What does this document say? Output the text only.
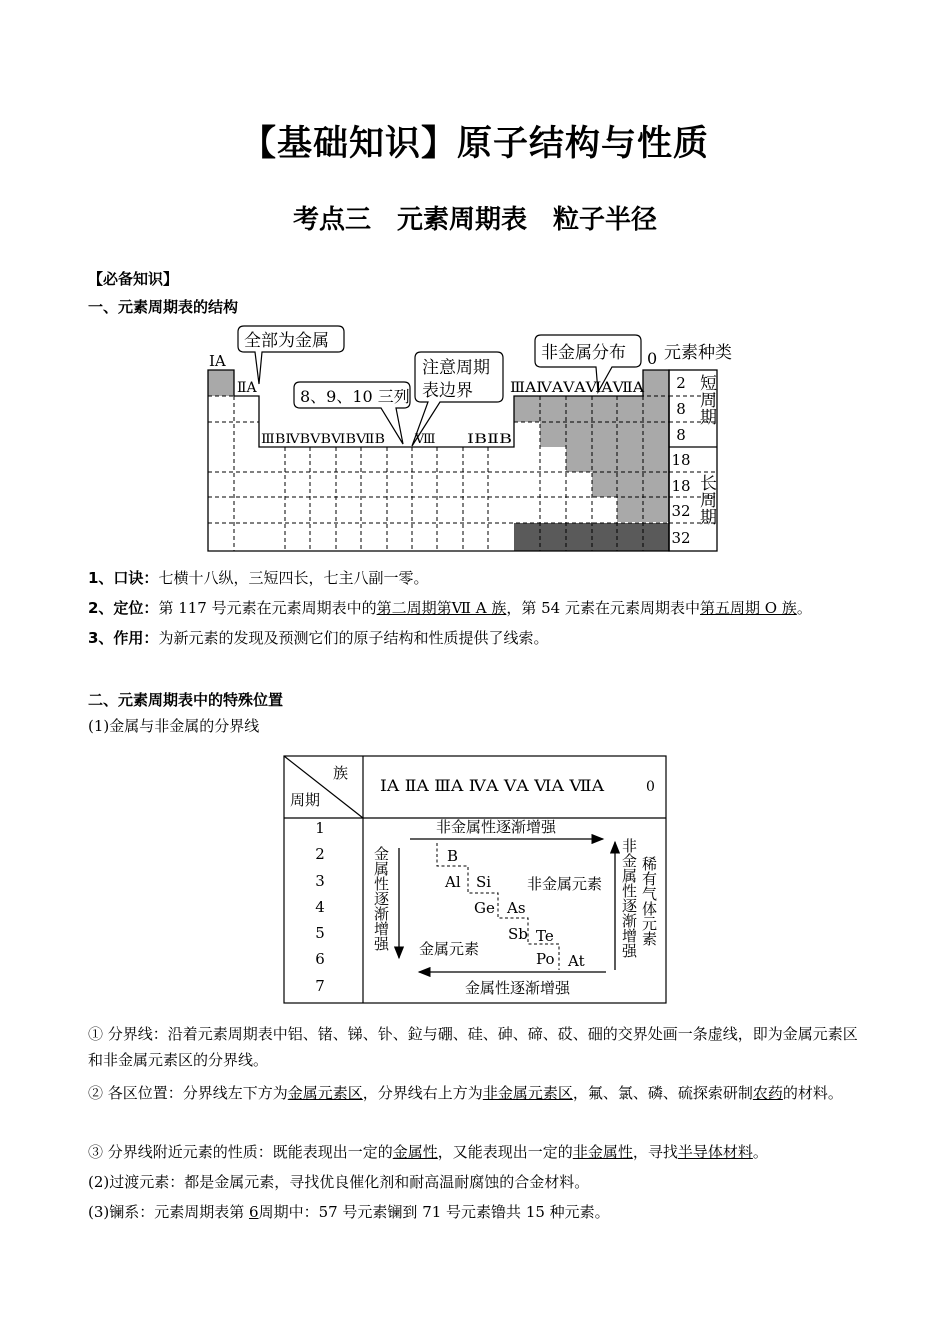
【基础知识】原子结构与性质
考点三　元素周期表　粒子半径
【必备知识】
一、元素周期表的结构
全部为金属
8、9、10 三列
注意周期
表边界
非金属分布
ⅠA
ⅡA
0 元素种类
ⅢBⅣBⅤBⅥBⅦB Ⅷ ⅠBⅡB
ⅢAⅣAⅤAⅥAⅦA 2
8
8
18
18
32
32
短周期
长周期
1、口诀：七横十八纵，三短四长，七主八副一零。
2、定位：第 117 号元素在元素周期表中的第二周期第Ⅶ A 族，第 54 元素在元素周期表中第五周期 O 族。
3、作用：为新元素的发现及预测它们的原子结构和性质提供了线索。
二、元素周期表中的特殊位置
(1)金属与非金属的分界线
族
周期
ⅠA ⅡA ⅢA ⅣA ⅤA ⅥA ⅦA	0
1
2
3
4
5
6
7
非金属性逐渐增强
金属性逐渐增强
金属性逐渐增强	非金属性逐渐增强 稀有气体元素
非金属元素
金属元素
B
Al Si
Ge As
Sb Te
Po At
① 分界线：沿着元素周期表中铝、锗、锑、钋、鉝与硼、硅、砷、碲、砹、鿬的交界处画一条虚线，即为金属元素区和非金属元素区的分界线。
② 各区位置：分界线左下方为金属元素区，分界线右上方为非金属元素区，氟、氯、磷、硫探索研制农药的材料。
③ 分界线附近元素的性质：既能表现出一定的金属性，又能表现出一定的非金属性，寻找半导体材料。
(2)过渡元素：都是金属元素，寻找优良催化剂和耐高温耐腐蚀的合金材料。
(3)镧系：元素周期表第 6周期中：57 号元素镧到 71 号元素镥共 15 种元素。
